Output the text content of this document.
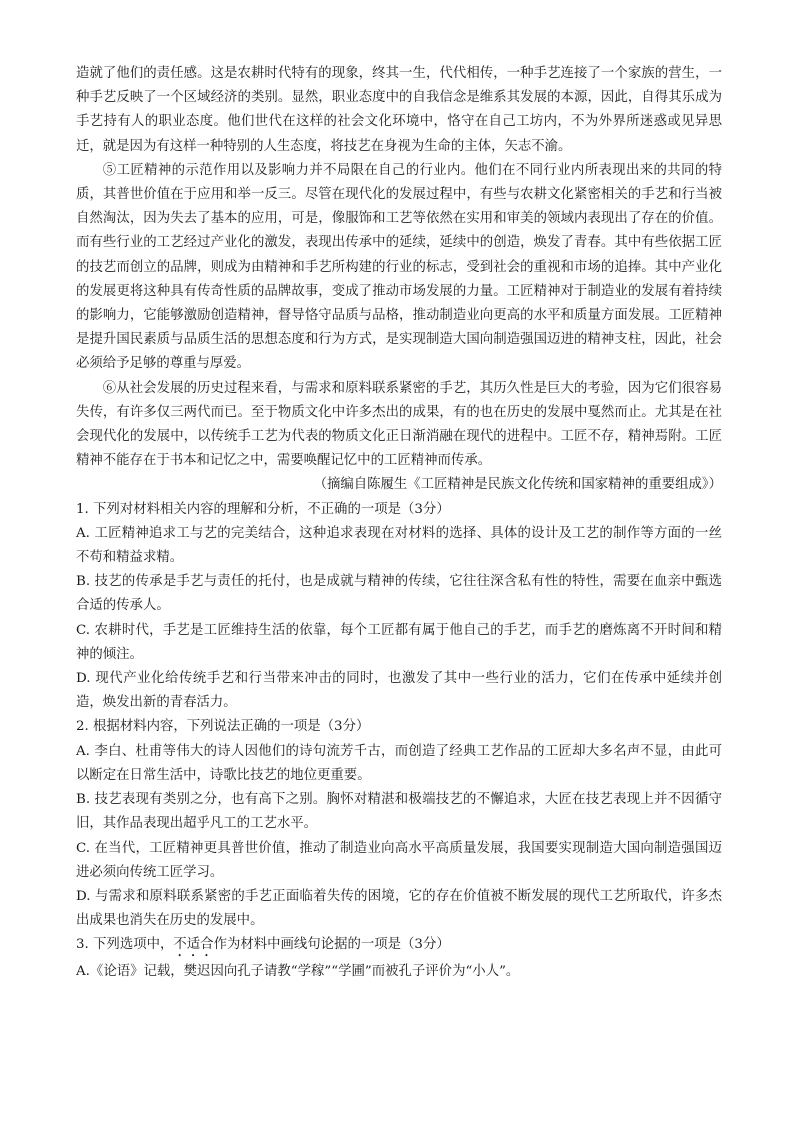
造就了他们的责任感。这是农耕时代特有的现象，终其一生，代代相传，一种手艺连接了一个家族的营生，一种手艺反映了一个区域经济的类别。显然，职业态度中的自我信念是维系其发展的本源，因此，自得其乐成为手艺持有人的职业态度。他们世代在这样的社会文化环境中，恪守在自己工坊内，不为外界所迷惑或见异思迁，就是因为有这样一种特别的人生态度，将技艺在身视为生命的主体，矢志不渝。

⑤工匠精神的示范作用以及影响力并不局限在自己的行业内。他们在不同行业内所表现出来的共同的特质，其普世价值在于应用和举一反三。尽管在现代化的发展过程中，有些与农耕文化紧密相关的手艺和行当被自然淘汰，因为失去了基本的应用，可是，像服饰和工艺等依然在实用和审美的领域内表现出了存在的价值。而有些行业的工艺经过产业化的激发，表现出传承中的延续，延续中的创造，焕发了青春。其中有些依据工匠的技艺而创立的品牌，则成为由精神和手艺所构建的行业的标志，受到社会的重视和市场的追捧。其中产业化的发展更将这种具有传奇性质的品牌故事，变成了推动市场发展的力量。工匠精神对于制造业的发展有着持续的影响力，它能够激励创造精神，督导恪守品质与品格，推动制造业向更高的水平和质量方面发展。工匠精神是提升国民素质与品质生活的思想态度和行为方式，是实现制造大国向制造强国迈进的精神支柱，因此，社会必须给予足够的尊重与厚爱。

⑥从社会发展的历史过程来看，与需求和原料联系紧密的手艺，其历久性是巨大的考验，因为它们很容易失传，有许多仅三两代而已。至于物质文化中许多杰出的成果，有的也在历史的发展中戛然而止。尤其是在社会现代化的发展中，以传统手工艺为代表的物质文化正日渐消融在现代的进程中。工匠不存，精神焉附。工匠精神不能存在于书本和记忆之中，需要唤醒记忆中的工匠精神而传承。

（摘编自陈履生《工匠精神是民族文化传统和国家精神的重要组成》）

1. 下列对材料相关内容的理解和分析，不正确的一项是（3分）

A. 工匠精神追求工与艺的完美结合，这种追求表现在对材料的选择、具体的设计及工艺的制作等方面的一丝不苟和精益求精。

B. 技艺的传承是手艺与责任的托付，也是成就与精神的传续，它往往深含私有性的特性，需要在血亲中甄选合适的传承人。

C. 农耕时代，手艺是工匠维持生活的依靠，每个工匠都有属于他自己的手艺，而手艺的磨炼离不开时间和精神的倾注。

D. 现代产业化给传统手艺和行当带来冲击的同时，也激发了其中一些行业的活力，它们在传承中延续并创造，焕发出新的青春活力。

2. 根据材料内容，下列说法正确的一项是（3分）

A. 李白、杜甫等伟大的诗人因他们的诗句流芳千古，而创造了经典工艺作品的工匠却大多名声不显，由此可以断定在日常生活中，诗歌比技艺的地位更重要。

B. 技艺表现有类别之分，也有高下之别。胸怀对精湛和极端技艺的不懈追求，大匠在技艺表现上并不因循守旧，其作品表现出超乎凡工的工艺水平。

C. 在当代，工匠精神更具普世价值，推动了制造业向高水平高质量发展，我国要实现制造大国向制造强国迈进必须向传统工匠学习。

D. 与需求和原料联系紧密的手艺正面临着失传的困境，它的存在价值被不断发展的现代工艺所取代，许多杰出成果也消失在历史的发展中。

3. 下列选项中，不适合作为材料中画线句论据的一项是（3分）

A.《论语》记载，樊迟因向孔子请教“学稼”“学圃”而被孔子评价为“小人”。
